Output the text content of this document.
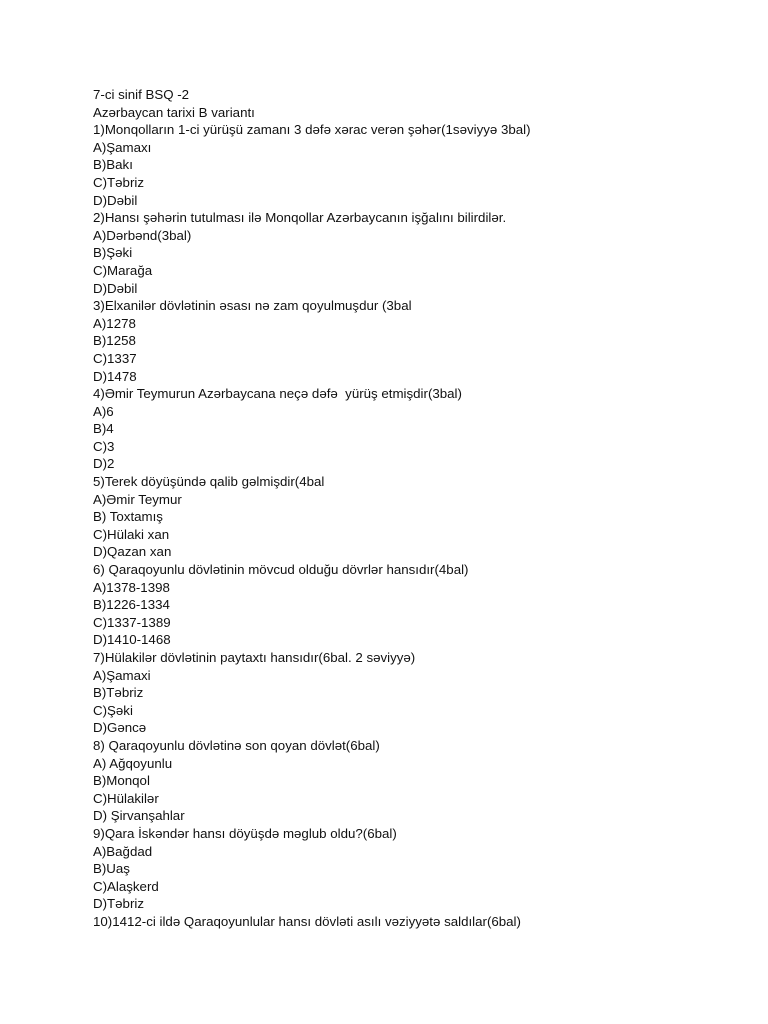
7-ci sinif BSQ -2
Azərbaycan tarixi B variantı
1)Monqolların 1-ci yürüşü zamanı 3 dəfə xərac verən şəhər(1səviyyə 3bal)
A)Şamaxı
B)Bakı
C)Təbriz
D)Dəbil
2)Hansı şəhərin tutulması ilə Monqollar Azərbaycanın işğalını bilirdilər.
A)Dərbənd(3bal)
B)Şəki
C)Marağa
D)Dəbil
3)Elxanilər dövlətinin əsası nə zam qoyulmuşdur (3bal
A)1278
B)1258
C)1337
D)1478
4)Əmir Teymurun Azərbaycana neçə dəfə  yürüş etmişdir(3bal)
A)6
B)4
C)3
D)2
5)Terek döyüşündə qalib gəlmişdir(4bal
A)Əmir Teymur
B) Toxtamış
C)Hülaki xan
D)Qazan xan
6) Qaraqoyunlu dövlətinin mövcud olduğu dövrlər hansıdır(4bal)
A)1378-1398
B)1226-1334
C)1337-1389
D)1410-1468
7)Hülakilər dövlətinin paytaxtı hansıdır(6bal. 2 səviyyə)
A)Şamaxi
B)Təbriz
C)Şəki
D)Gəncə
8) Qaraqoyunlu dövlətinə son qoyan dövlət(6bal)
A) Ağqoyunlu
B)Monqol
C)Hülakilər
D) Şirvanşahlar
9)Qara İskəndər hansı döyüşdə məglub oldu?(6bal)
A)Bağdad
B)Uaş
C)Alaşkerd
D)Təbriz
10)1412-ci ildə Qaraqoyunlular hansı dövləti asılı vəziyyətə saldılar(6bal)
